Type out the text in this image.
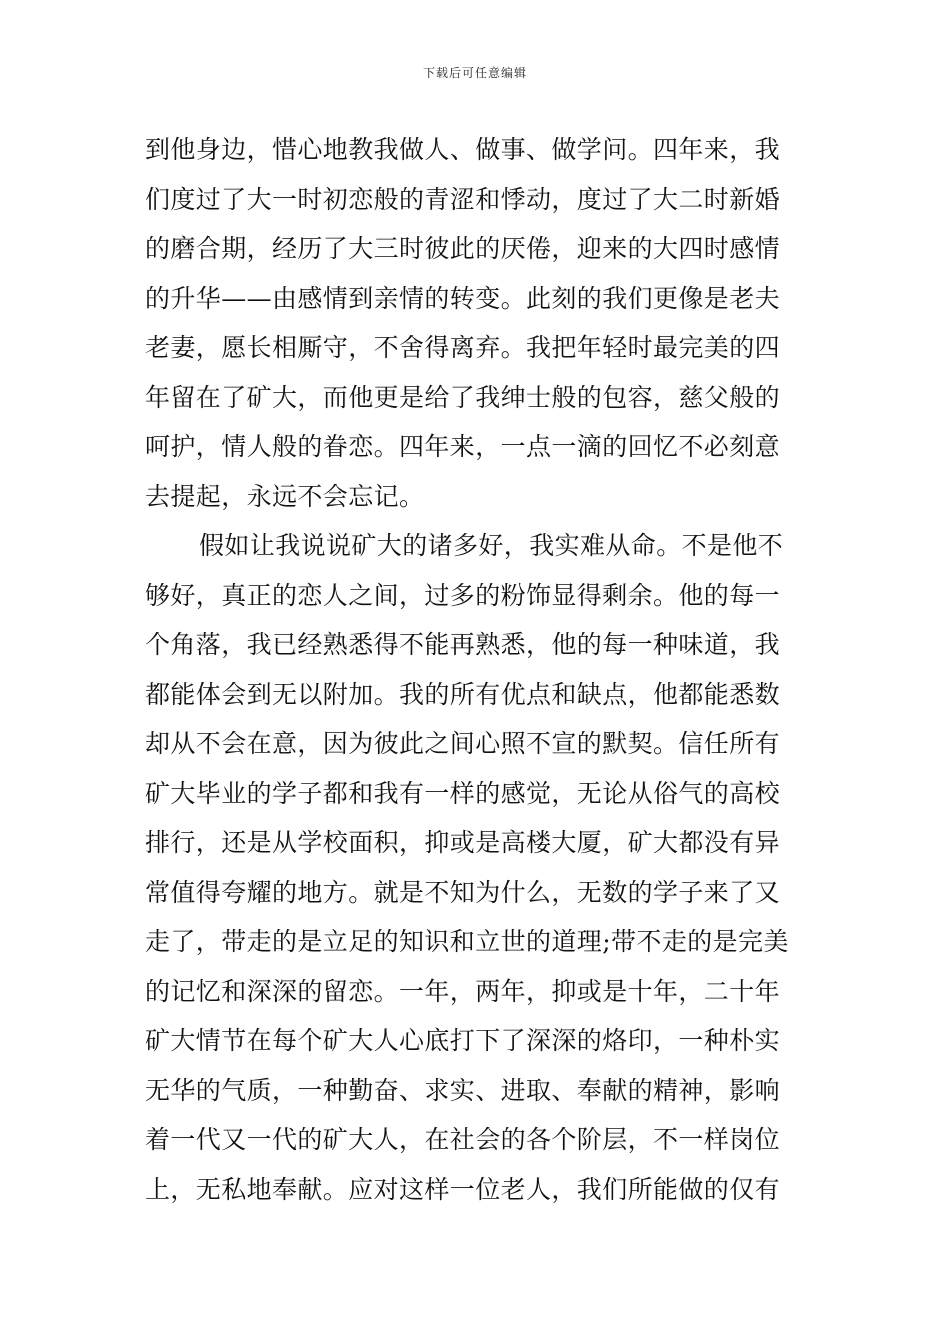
下载后可任意编辑
到他身边，惜心地教我做人、做事、做学问。四年来，我
们度过了大一时初恋般的青涩和悸动，度过了大二时新婚
的磨合期，经历了大三时彼此的厌倦，迎来的大四时感情
的升华——由感情到亲情的转变。此刻的我们更像是老夫
老妻，愿长相厮守，不舍得离弃。我把年轻时最完美的四
年留在了矿大，而他更是给了我绅士般的包容，慈父般的
呵护，情人般的眷恋。四年来，一点一滴的回忆不必刻意
去提起，永远不会忘记。
假如让我说说矿大的诸多好，我实难从命。不是他不
够好，真正的恋人之间，过多的粉饰显得剩余。他的每一
个角落，我已经熟悉得不能再熟悉，他的每一种味道，我
都能体会到无以附加。我的所有优点和缺点，他都能悉数
却从不会在意，因为彼此之间心照不宣的默契。信任所有
矿大毕业的学子都和我有一样的感觉，无论从俗气的高校
排行，还是从学校面积，抑或是高楼大厦，矿大都没有异
常值得夸耀的地方。就是不知为什么，无数的学子来了又
走了，带走的是立足的知识和立世的道理;带不走的是完美
的记忆和深深的留恋。一年，两年，抑或是十年，二十年
矿大情节在每个矿大人心底打下了深深的烙印，一种朴实
无华的气质，一种勤奋、求实、进取、奉献的精神，影响
着一代又一代的矿大人，在社会的各个阶层，不一样岗位
上，无私地奉献。应对这样一位老人，我们所能做的仅有
